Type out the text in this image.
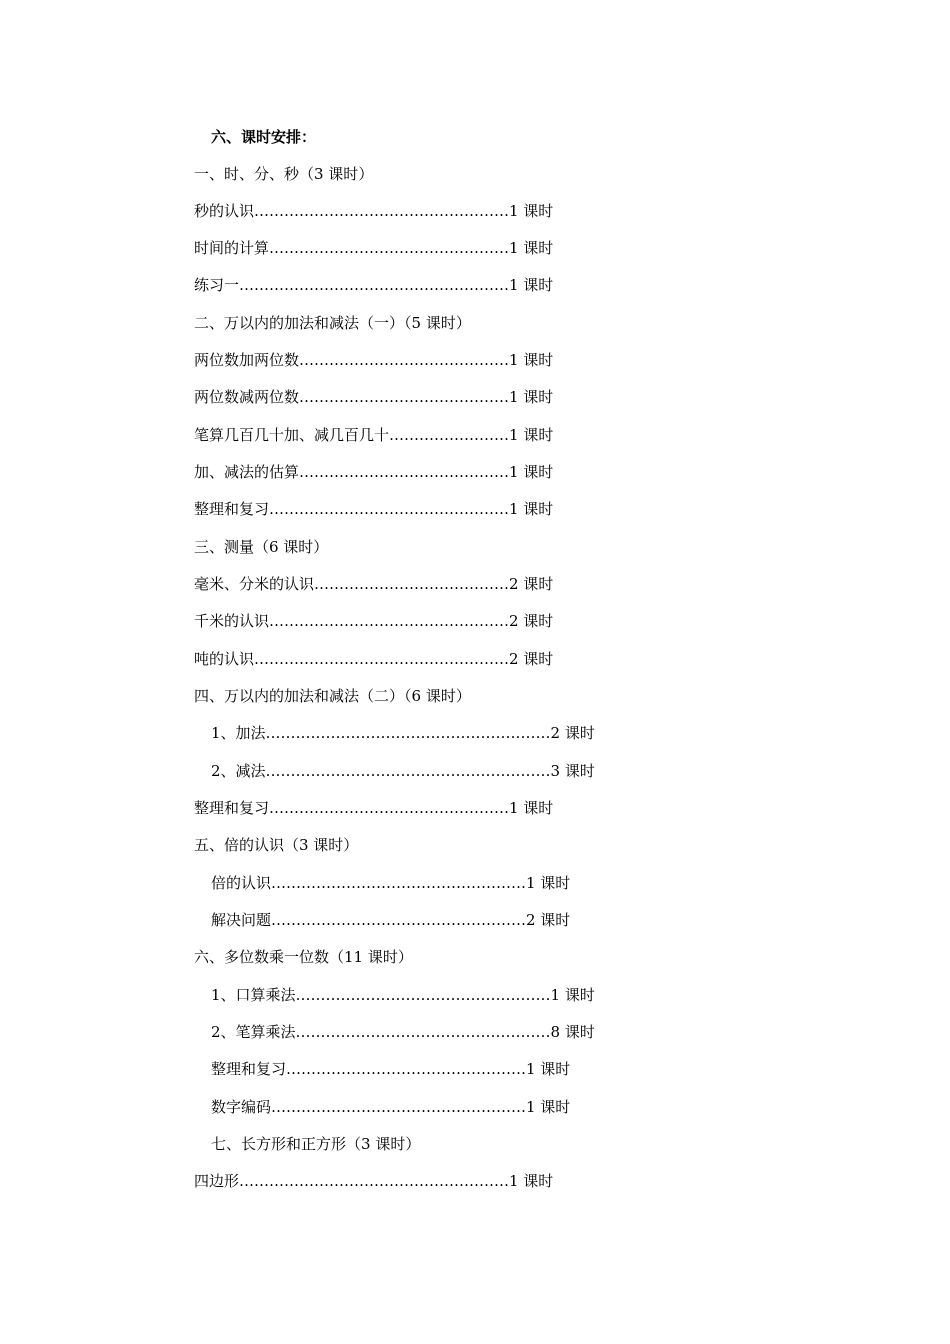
六、课时安排：
一、时、分、秒（3 课时）
秒的认识……………………………………………1 课时
时间的计算…………………………………………1 课时
练习一………………………………………………1 课时
二、万以内的加法和减法（一）（5 课时）
两位数加两位数……………………………………1 课时
两位数减两位数……………………………………1 课时
笔算几百几十加、减几百几十……………………1 课时
加、减法的估算……………………………………1 课时
整理和复习…………………………………………1 课时
三、测量（6 课时）
毫米、分米的认识…………………………………2 课时
千米的认识…………………………………………2 课时
吨的认识……………………………………………2 课时
四、万以内的加法和减法（二）（6 课时）
1、加法…………………………………………………2 课时
2、减法…………………………………………………3 课时
整理和复习…………………………………………1 课时
五、倍的认识（3 课时）
倍的认识……………………………………………1 课时
解决问题……………………………………………2 课时
六、多位数乘一位数（11 课时）
1、口算乘法……………………………………………1 课时
2、笔算乘法……………………………………………8 课时
整理和复习…………………………………………1 课时
数字编码……………………………………………1 课时
七、长方形和正方形（3 课时）
四边形………………………………………………1 课时
